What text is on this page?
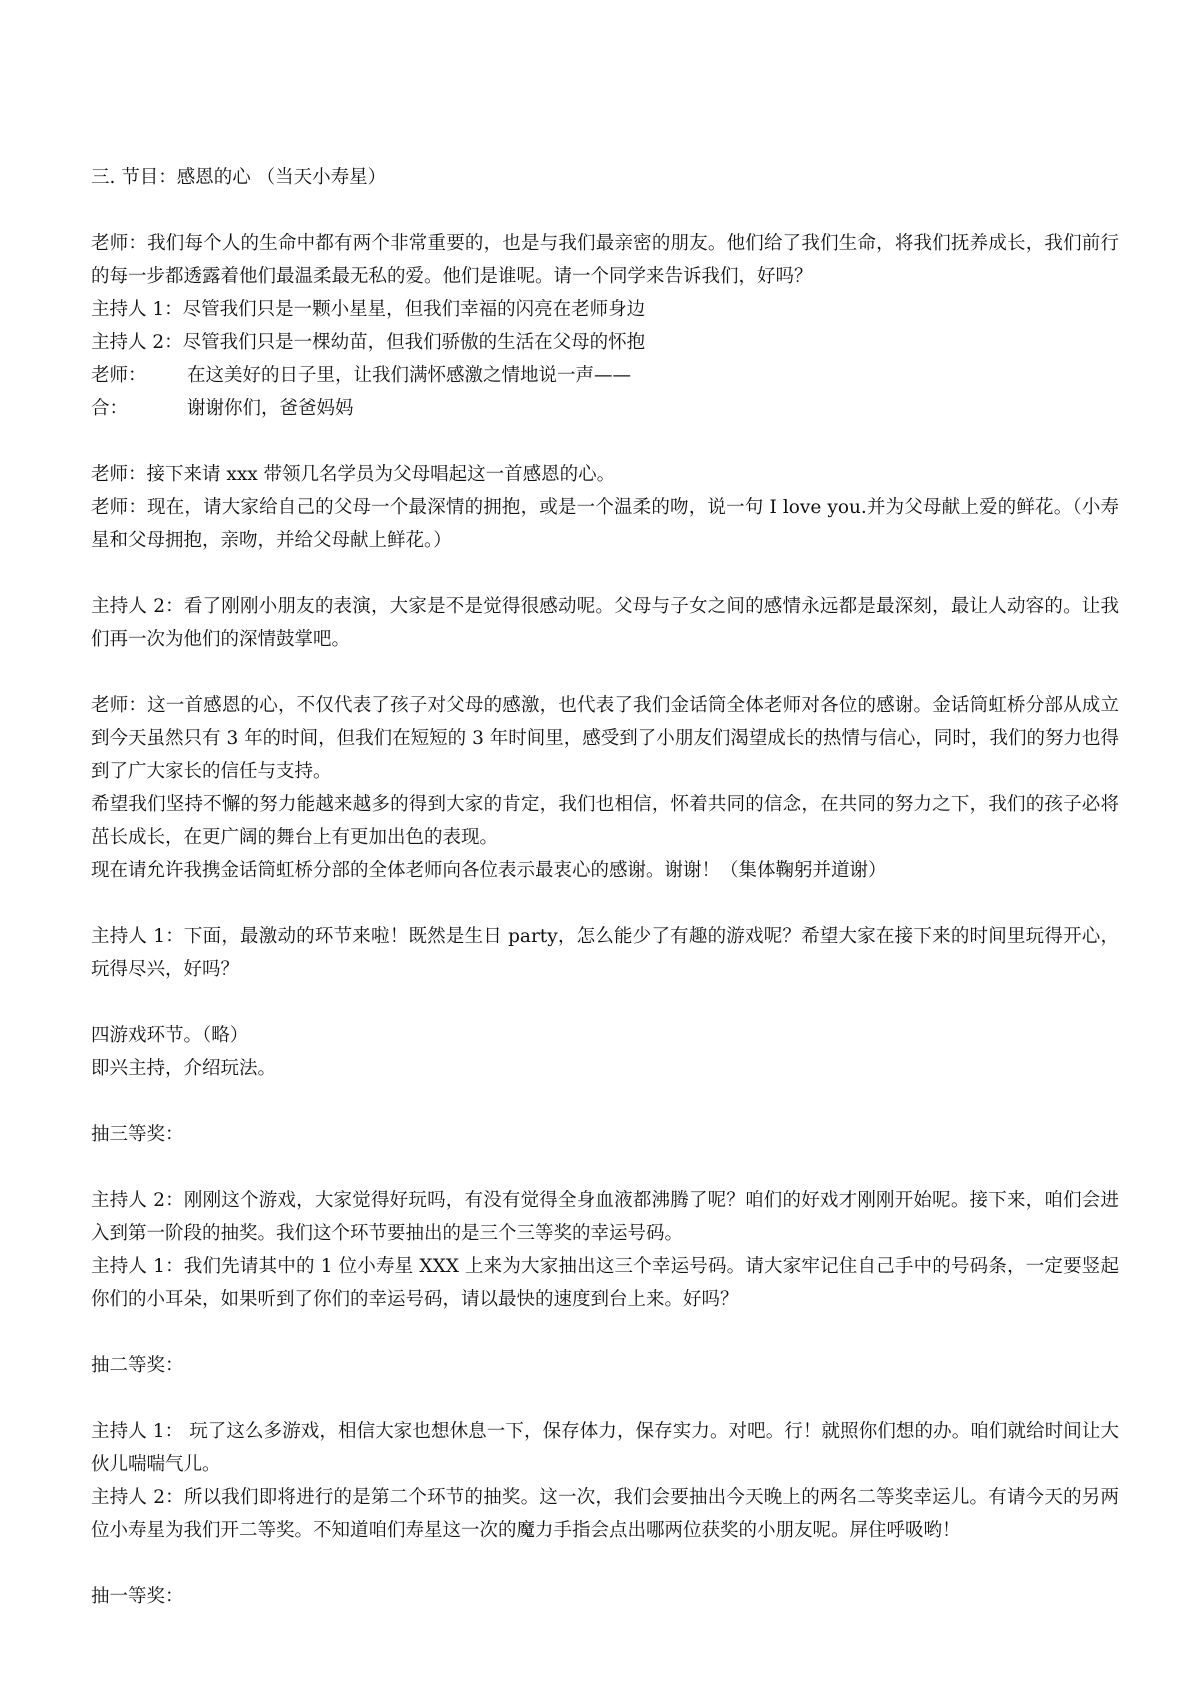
三. 节目：感恩的心 （当天小寿星）

老师：我们每个人的生命中都有两个非常重要的，也是与我们最亲密的朋友。他们给了我们生命，将我们抚养成长，我们前行的每一步都透露着他们最温柔最无私的爱。他们是谁呢。请一个同学来告诉我们，好吗？

主持人 1：尽管我们只是一颗小星星，但我们幸福的闪亮在老师身边

主持人 2：尽管我们只是一棵幼苗，但我们骄傲的生活在父母的怀抱

老师：	在这美好的日子里，让我们满怀感激之情地说一声——
合：	谢谢你们，爸爸妈妈

老师：接下来请 xxx 带领几名学员为父母唱起这一首感恩的心。

老师：现在，请大家给自己的父母一个最深情的拥抱，或是一个温柔的吻，说一句 I love you.并为父母献上爱的鲜花。（小寿星和父母拥抱，亲吻，并给父母献上鲜花。）

主持人 2：看了刚刚小朋友的表演，大家是不是觉得很感动呢。父母与子女之间的感情永远都是最深刻，最让人动容的。让我们再一次为他们的深情鼓掌吧。

老师：这一首感恩的心，不仅代表了孩子对父母的感激，也代表了我们金话筒全体老师对各位的感谢。金话筒虹桥分部从成立到今天虽然只有 3 年的时间，但我们在短短的 3 年时间里，感受到了小朋友们渴望成长的热情与信心，同时，我们的努力也得到了广大家长的信任与支持。

希望我们坚持不懈的努力能越来越多的得到大家的肯定，我们也相信，怀着共同的信念，在共同的努力之下，我们的孩子必将茁长成长，在更广阔的舞台上有更加出色的表现。

现在请允许我携金话筒虹桥分部的全体老师向各位表示最衷心的感谢。谢谢！（集体鞠躬并道谢）

主持人 1：下面，最激动的环节来啦！既然是生日 party，怎么能少了有趣的游戏呢？希望大家在接下来的时间里玩得开心，玩得尽兴，好吗？

四游戏环节。（略）

即兴主持，介绍玩法。

抽三等奖：

主持人 2：刚刚这个游戏，大家觉得好玩吗，有没有觉得全身血液都沸腾了呢？咱们的好戏才刚刚开始呢。接下来，咱们会进入到第一阶段的抽奖。我们这个环节要抽出的是三个三等奖的幸运号码。

主持人 1：我们先请其中的 1 位小寿星 XXX 上来为大家抽出这三个幸运号码。请大家牢记住自己手中的号码条，一定要竖起你们的小耳朵，如果听到了你们的幸运号码，请以最快的速度到台上来。好吗？

抽二等奖：

主持人 1： 玩了这么多游戏，相信大家也想休息一下，保存体力，保存实力。对吧。行！就照你们想的办。咱们就给时间让大伙儿喘喘气儿。

主持人 2：所以我们即将进行的是第二个环节的抽奖。这一次，我们会要抽出今天晚上的两名二等奖幸运儿。有请今天的另两位小寿星为我们开二等奖。不知道咱们寿星这一次的魔力手指会点出哪两位获奖的小朋友呢。屏住呼吸哟！

抽一等奖：
